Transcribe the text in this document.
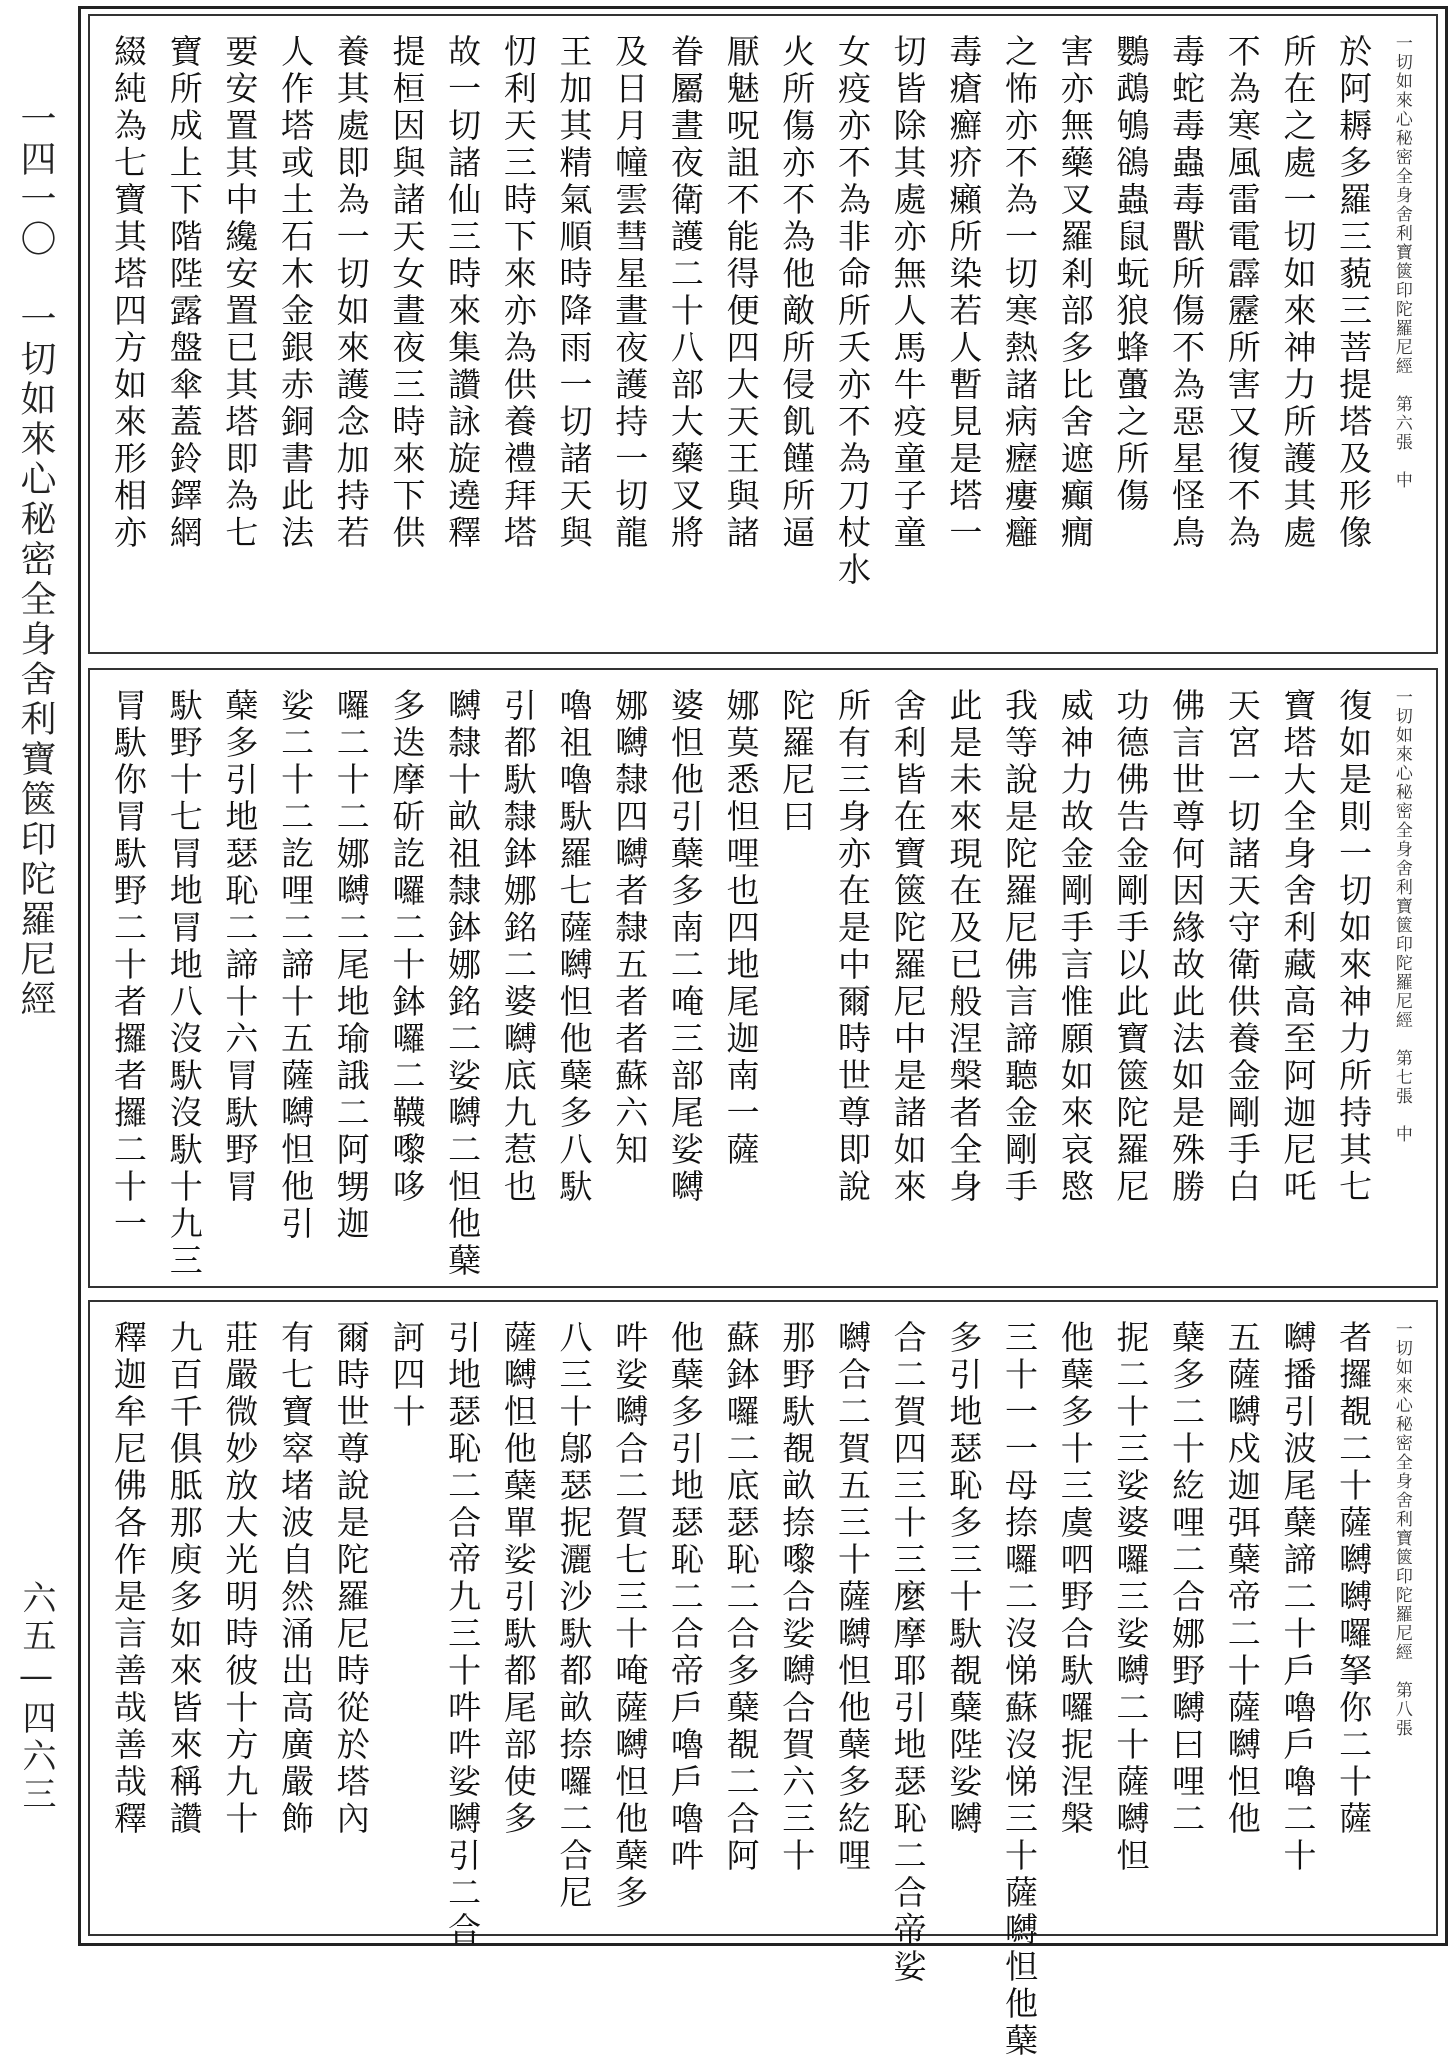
一四一〇　一切如來心秘密全身舍利寶篋印陀羅尼經
六五—四六三
一切如來心秘密全身舍利寶篋印陀羅尼經　第六張　中
於阿耨多羅三藐三菩提塔及形像
所在之處一切如來神力所護其處
不為寒風雷電霹靂所害又復不為
毒蛇毒蟲毒獸所傷不為惡星怪鳥
鸚鵡鴝鵒蟲鼠蚖狼蜂蠆之所傷
害亦無藥叉羅剎部多比舍遮癲癇
之怖亦不為一切寒熱諸病癧瘻癰
毒瘡癬疥癩所染若人暫見是塔一
切皆除其處亦無人馬牛疫童子童
女疫亦不為非命所夭亦不為刀杖水
火所傷亦不為他敵所侵飢饉所逼
厭魅呪詛不能得便四大天王與諸
眷屬晝夜衛護二十八部大藥叉將
及日月幢雲彗星晝夜護持一切龍
王加其精氣順時降雨一切諸天與
忉利天三時下來亦為供養禮拜塔
故一切諸仙三時來集讚詠旋遶釋
提桓因與諸天女晝夜三時來下供
養其處即為一切如來護念加持若
人作塔或土石木金銀赤銅書此法
要安置其中纔安置已其塔即為七
寶所成上下階陛露盤傘蓋鈴鐸網
綴純為七寶其塔四方如來形相亦
一切如來心秘密全身舍利寶篋印陀羅尼經　第七張　中
復如是則一切如來神力所持其七
寶塔大全身舍利藏高至阿迦尼吒
天宮一切諸天守衛供養金剛手白
佛言世尊何因緣故此法如是殊勝
功德佛告金剛手以此寶篋陀羅尼
威神力故金剛手言惟願如來哀愍
我等說是陀羅尼佛言諦聽金剛手
此是未來現在及已般涅槃者全身
舍利皆在寶篋陀羅尼中是諸如來
所有三身亦在是中爾時世尊即說
陀羅尼曰
娜莫悉怛哩也四地尾迦南一薩
婆怛他引蘖多南二唵三部尾娑嚩
娜嚩隸四嚩者隸五者者蘇六知
嚕祖嚕馱羅七薩嚩怛他蘖多八馱
引都馱隸鉢娜銘二婆嚩底九惹也
嚩隸十畝祖隸鉢娜銘二娑嚩二怛他蘖
多迭摩斫訖囉二十鉢囉二韈嚟哆
囉二十二娜嚩二尾地瑜誐二阿甥迦
娑二十二訖哩二諦十五薩嚩怛他引
蘖多引地瑟恥二諦十六冐馱野冐
馱野十七冐地冐地八沒馱沒馱十九三
冐馱你冐馱野二十者攞者攞二十一
一切如來心秘密全身舍利寶篋印陀羅尼經　第八張
者攞覩二十薩嚩嚩囉拏你二十薩
嚩播引波尾蘖諦二十戶嚕戶嚕二十
五薩嚩戍迦弭蘖帝二十薩嚩怛他
蘖多二十紇哩二合娜野嚩曰哩二
抳二十三娑婆囉三娑嚩二十薩嚩怛
他蘖多十三虞呬野合馱囉抳涅槃
三十一一母捺囉二沒悌蘇沒悌三十薩嚩怛他蘖
多引地瑟恥多三十馱覩蘖陛娑嚩
合二賀四三十三麼摩耶引地瑟恥二合帝娑
嚩合二賀五三十薩嚩怛他蘖多紇哩
那野馱覩畝捺嚟合娑嚩合賀六三十
蘇鉢囉二底瑟恥二合多蘖覩二合阿
他蘖多引地瑟恥二合帝戶嚕戶嚕吽
吽娑嚩合二賀七三十唵薩嚩怛他蘖多
八三十鄔瑟抳灑沙馱都畝捺囉二合尼
薩嚩怛他蘖單娑引馱都尾部使多
引地瑟恥二合帝九三十吽吽娑嚩引二合
訶四十
爾時世尊說是陀羅尼時從於塔內
有七寶窣堵波自然涌出高廣嚴飾
莊嚴微妙放大光明時彼十方九十
九百千俱胝那庾多如來皆來稱讚
釋迦牟尼佛各作是言善哉善哉釋
